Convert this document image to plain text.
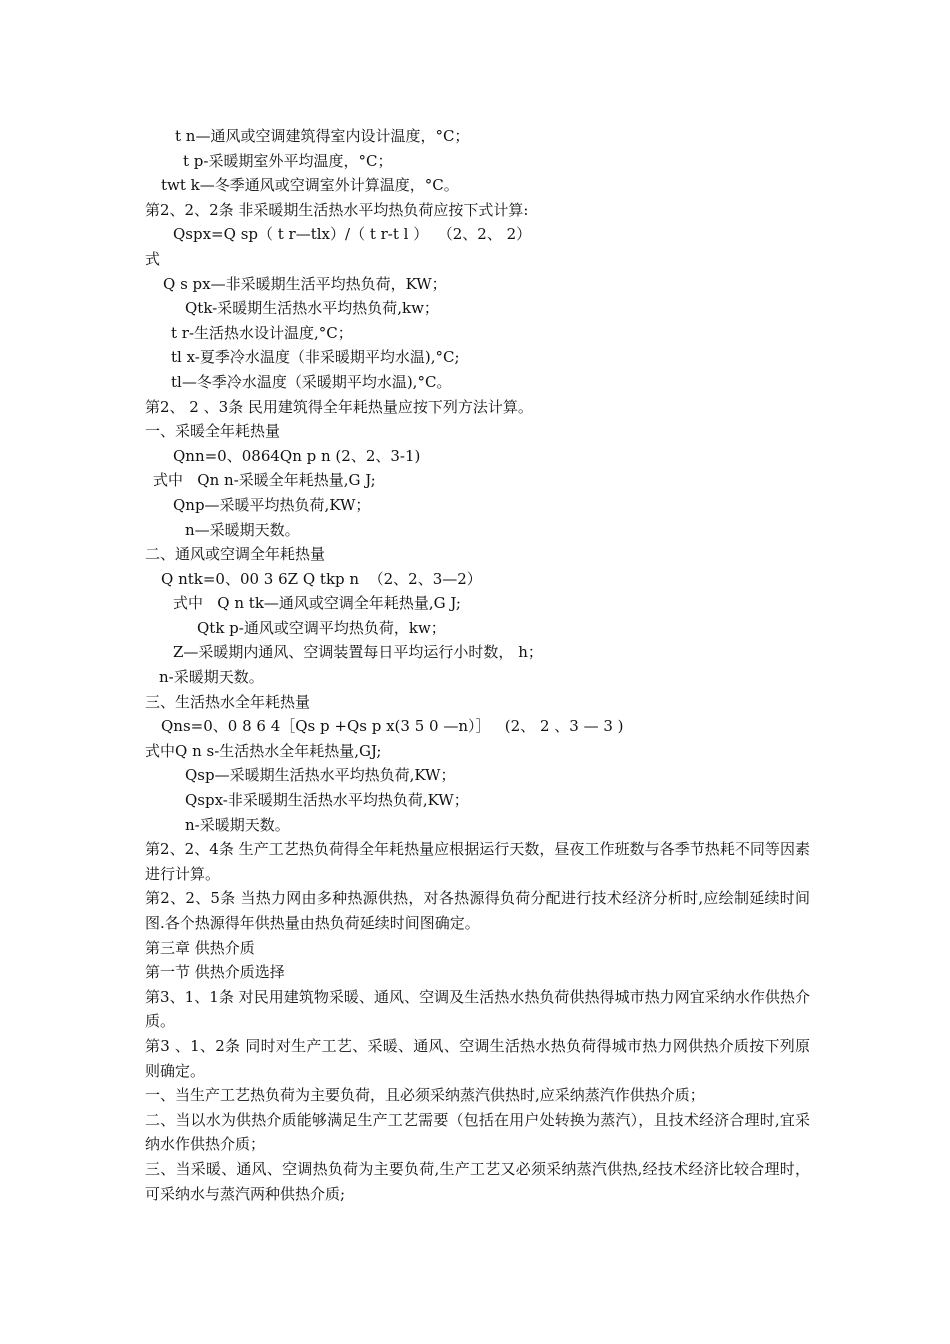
t n—通风或空调建筑得室内设计温度，°C；
t p-采暖期室外平均温度，°C；
twt k—冬季通风或空调室外计算温度，°C。
第2、2、2条 非采暖期生活热水平均热负荷应按下式计算:
Qspx=Q sp（ t r—tlx）/（ t r-t l ）  （2、2、 2）
式
Q s px—非采暖期生活平均热负荷，KW；
Qtk-采暖期生活热水平均热负荷,kw；
t r-生活热水设计温度,°C；
tl x-夏季冷水温度（非采暖期平均水温),°C;
tl—冬季冷水温度（采暖期平均水温),°C。
第2、 2 、3条 民用建筑得全年耗热量应按下列方法计算。
一、采暖全年耗热量
Qnn=0、0864Qn p n (2、2、3-1)
式中   Qn n-采暖全年耗热量,G J;
Qnp—采暖平均热负荷,KW；
n—采暖期天数。
二、通风或空调全年耗热量
Q ntk=0、00 3 6Z Q tkp n  （2、2、3—2）
式中   Q n tk—通风或空调全年耗热量,G J;
Qtk p-通风或空调平均热负荷，kw；
Z—采暖期内通风、空调装置每日平均运行小时数， h；
n-采暖期天数。
三、生活热水全年耗热量
Qns=0、0 8 6 4［Qs p +Qs p x(3 5 0 —n）］   (2、 2 、3 — 3 )
式中Q n s-生活热水全年耗热量,GJ;
Qsp—采暖期生活热水平均热负荷,KW；
Qspx-非采暖期生活热水平均热负荷,KW；
n-采暖期天数。
第2、2、4条 生产工艺热负荷得全年耗热量应根据运行天数，昼夜工作班数与各季节热耗不同等因素进行计算。
第2、2、5条 当热力网由多种热源供热，对各热源得负荷分配进行技术经济分析时,应绘制延续时间图.各个热源得年供热量由热负荷延续时间图确定。
第三章 供热介质
第一节 供热介质选择
第3、1、1条 对民用建筑物采暖、通风、空调及生活热水热负荷供热得城市热力网宜采纳水作供热介质。
第3 、1、2条 同时对生产工艺、采暖、通风、空调生活热水热负荷得城市热力网供热介质按下列原则确定。
一、当生产工艺热负荷为主要负荷，且必须采纳蒸汽供热时,应采纳蒸汽作供热介质；
二、当以水为供热介质能够满足生产工艺需要（包括在用户处转换为蒸汽），且技术经济合理时,宜采纳水作供热介质；
三、当采暖、通风、空调热负荷为主要负荷,生产工艺又必须采纳蒸汽供热,经技术经济比较合理时，可采纳水与蒸汽两种供热介质;
